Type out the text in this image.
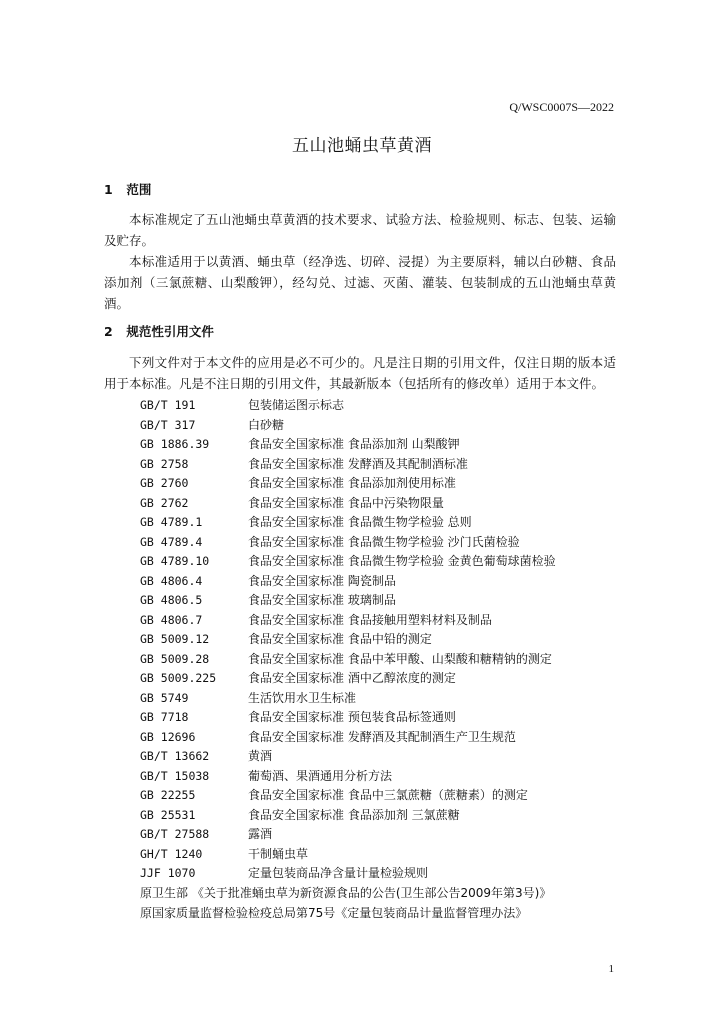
Q/WSC0007S—2022
五山池蛹虫草黄酒
1 范围
本标准规定了五山池蛹虫草黄酒的技术要求、试验方法、检验规则、标志、包装、运输及贮存。
本标准适用于以黄酒、蛹虫草（经净选、切碎、浸提）为主要原料，辅以白砂糖、食品添加剂（三氯蔗糖、山梨酸钾），经勾兑、过滤、灭菌、灌装、包装制成的五山池蛹虫草黄酒。
2 规范性引用文件
下列文件对于本文件的应用是必不可少的。凡是注日期的引用文件，仅注日期的版本适用于本标准。凡是不注日期的引用文件，其最新版本（包括所有的修改单）适用于本文件。
GB/T 191	包装储运图示标志
GB/T 317	白砂糖
GB 1886.39	食品安全国家标准 食品添加剂 山梨酸钾
GB 2758	食品安全国家标准 发酵酒及其配制酒标准
GB 2760	食品安全国家标准 食品添加剂使用标准
GB 2762	食品安全国家标准 食品中污染物限量
GB 4789.1	食品安全国家标准 食品微生物学检验 总则
GB 4789.4	食品安全国家标准 食品微生物学检验 沙门氏菌检验
GB 4789.10	食品安全国家标准 食品微生物学检验 金黄色葡萄球菌检验
GB 4806.4	食品安全国家标准 陶瓷制品
GB 4806.5	食品安全国家标准 玻璃制品
GB 4806.7	食品安全国家标准 食品接触用塑料材料及制品
GB 5009.12	食品安全国家标准 食品中铅的测定
GB 5009.28	食品安全国家标准 食品中苯甲酸、山梨酸和糖精钠的测定
GB 5009.225	食品安全国家标准 酒中乙醇浓度的测定
GB 5749	生活饮用水卫生标准
GB 7718	食品安全国家标准 预包装食品标签通则
GB 12696	食品安全国家标准 发酵酒及其配制酒生产卫生规范
GB/T 13662	黄酒
GB/T 15038	葡萄酒、果酒通用分析方法
GB 22255	食品安全国家标准 食品中三氯蔗糖（蔗糖素）的测定
GB 25531	食品安全国家标准 食品添加剂 三氯蔗糖
GB/T 27588	露酒
GH/T 1240	干制蛹虫草
JJF 1070	定量包装商品净含量计量检验规则
原卫生部 《关于批准蛹虫草为新资源食品的公告(卫生部公告2009年第3号)》
原国家质量监督检验检疫总局第75号《定量包装商品计量监督管理办法》
1
